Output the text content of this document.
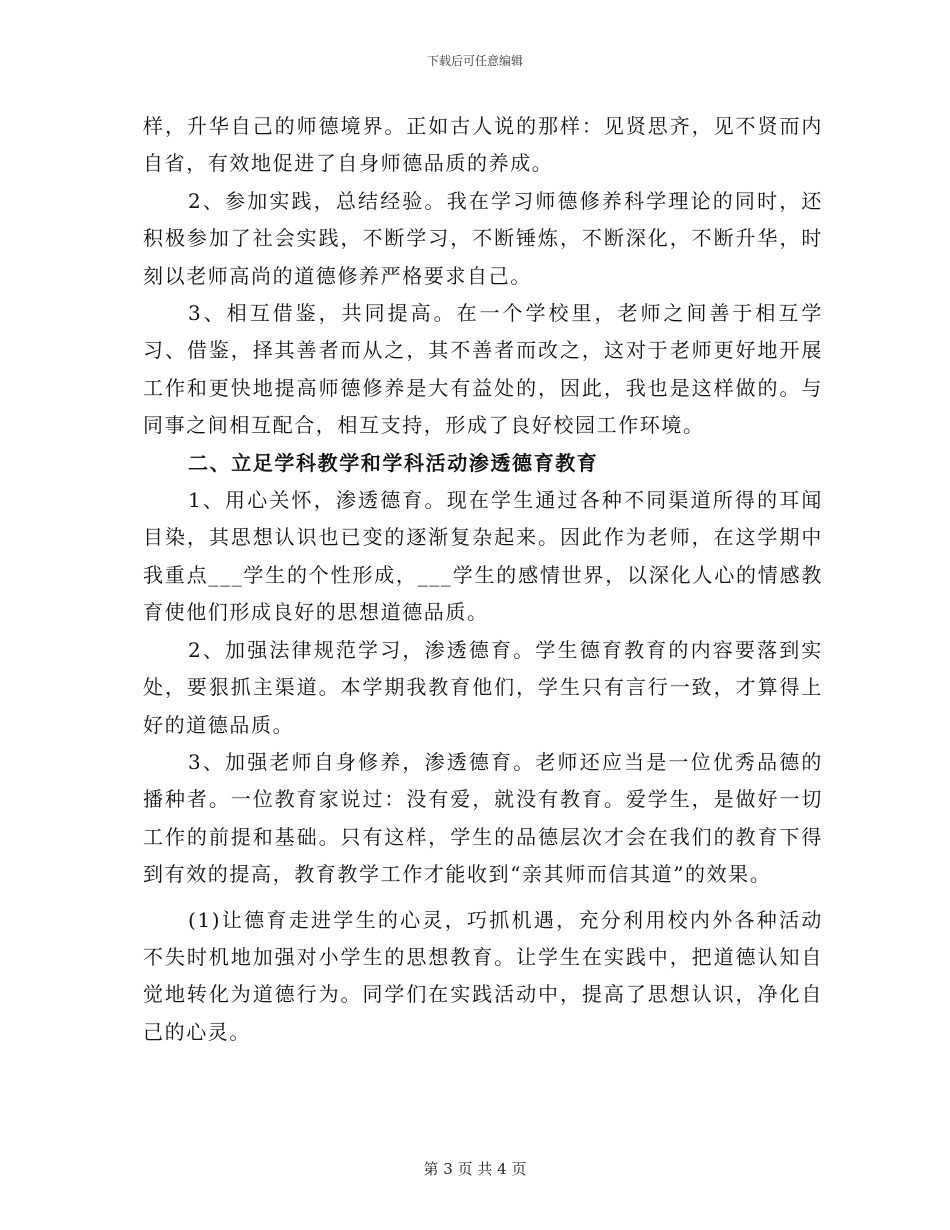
下载后可任意编辑

样，升华自己的师德境界。正如古人说的那样：见贤思齐，见不贤而内自省，有效地促进了自身师德品质的养成。

2、参加实践，总结经验。我在学习师德修养科学理论的同时，还积极参加了社会实践，不断学习，不断锤炼，不断深化，不断升华，时刻以老师高尚的道德修养严格要求自己。

3、相互借鉴，共同提高。在一个学校里，老师之间善于相互学习、借鉴，择其善者而从之，其不善者而改之，这对于老师更好地开展工作和更快地提高师德修养是大有益处的，因此，我也是这样做的。与同事之间相互配合，相互支持，形成了良好校园工作环境。

二、立足学科教学和学科活动渗透德育教育

1、用心关怀，渗透德育。现在学生通过各种不同渠道所得的耳闻目染，其思想认识也已变的逐渐复杂起来。因此作为老师，在这学期中我重点___学生的个性形成，___学生的感情世界，以深化人心的情感教育使他们形成良好的思想道德品质。

2、加强法律规范学习，渗透德育。学生德育教育的内容要落到实处，要狠抓主渠道。本学期我教育他们，学生只有言行一致，才算得上好的道德品质。

3、加强老师自身修养，渗透德育。老师还应当是一位优秀品德的播种者。一位教育家说过：没有爱，就没有教育。爱学生，是做好一切工作的前提和基础。只有这样，学生的品德层次才会在我们的教育下得到有效的提高，教育教学工作才能收到“亲其师而信其道”的效果。

(1)让德育走进学生的心灵，巧抓机遇，充分利用校内外各种活动不失时机地加强对小学生的思想教育。让学生在实践中，把道德认知自觉地转化为道德行为。同学们在实践活动中，提高了思想认识，净化自己的心灵。

第 3 页 共 4 页
